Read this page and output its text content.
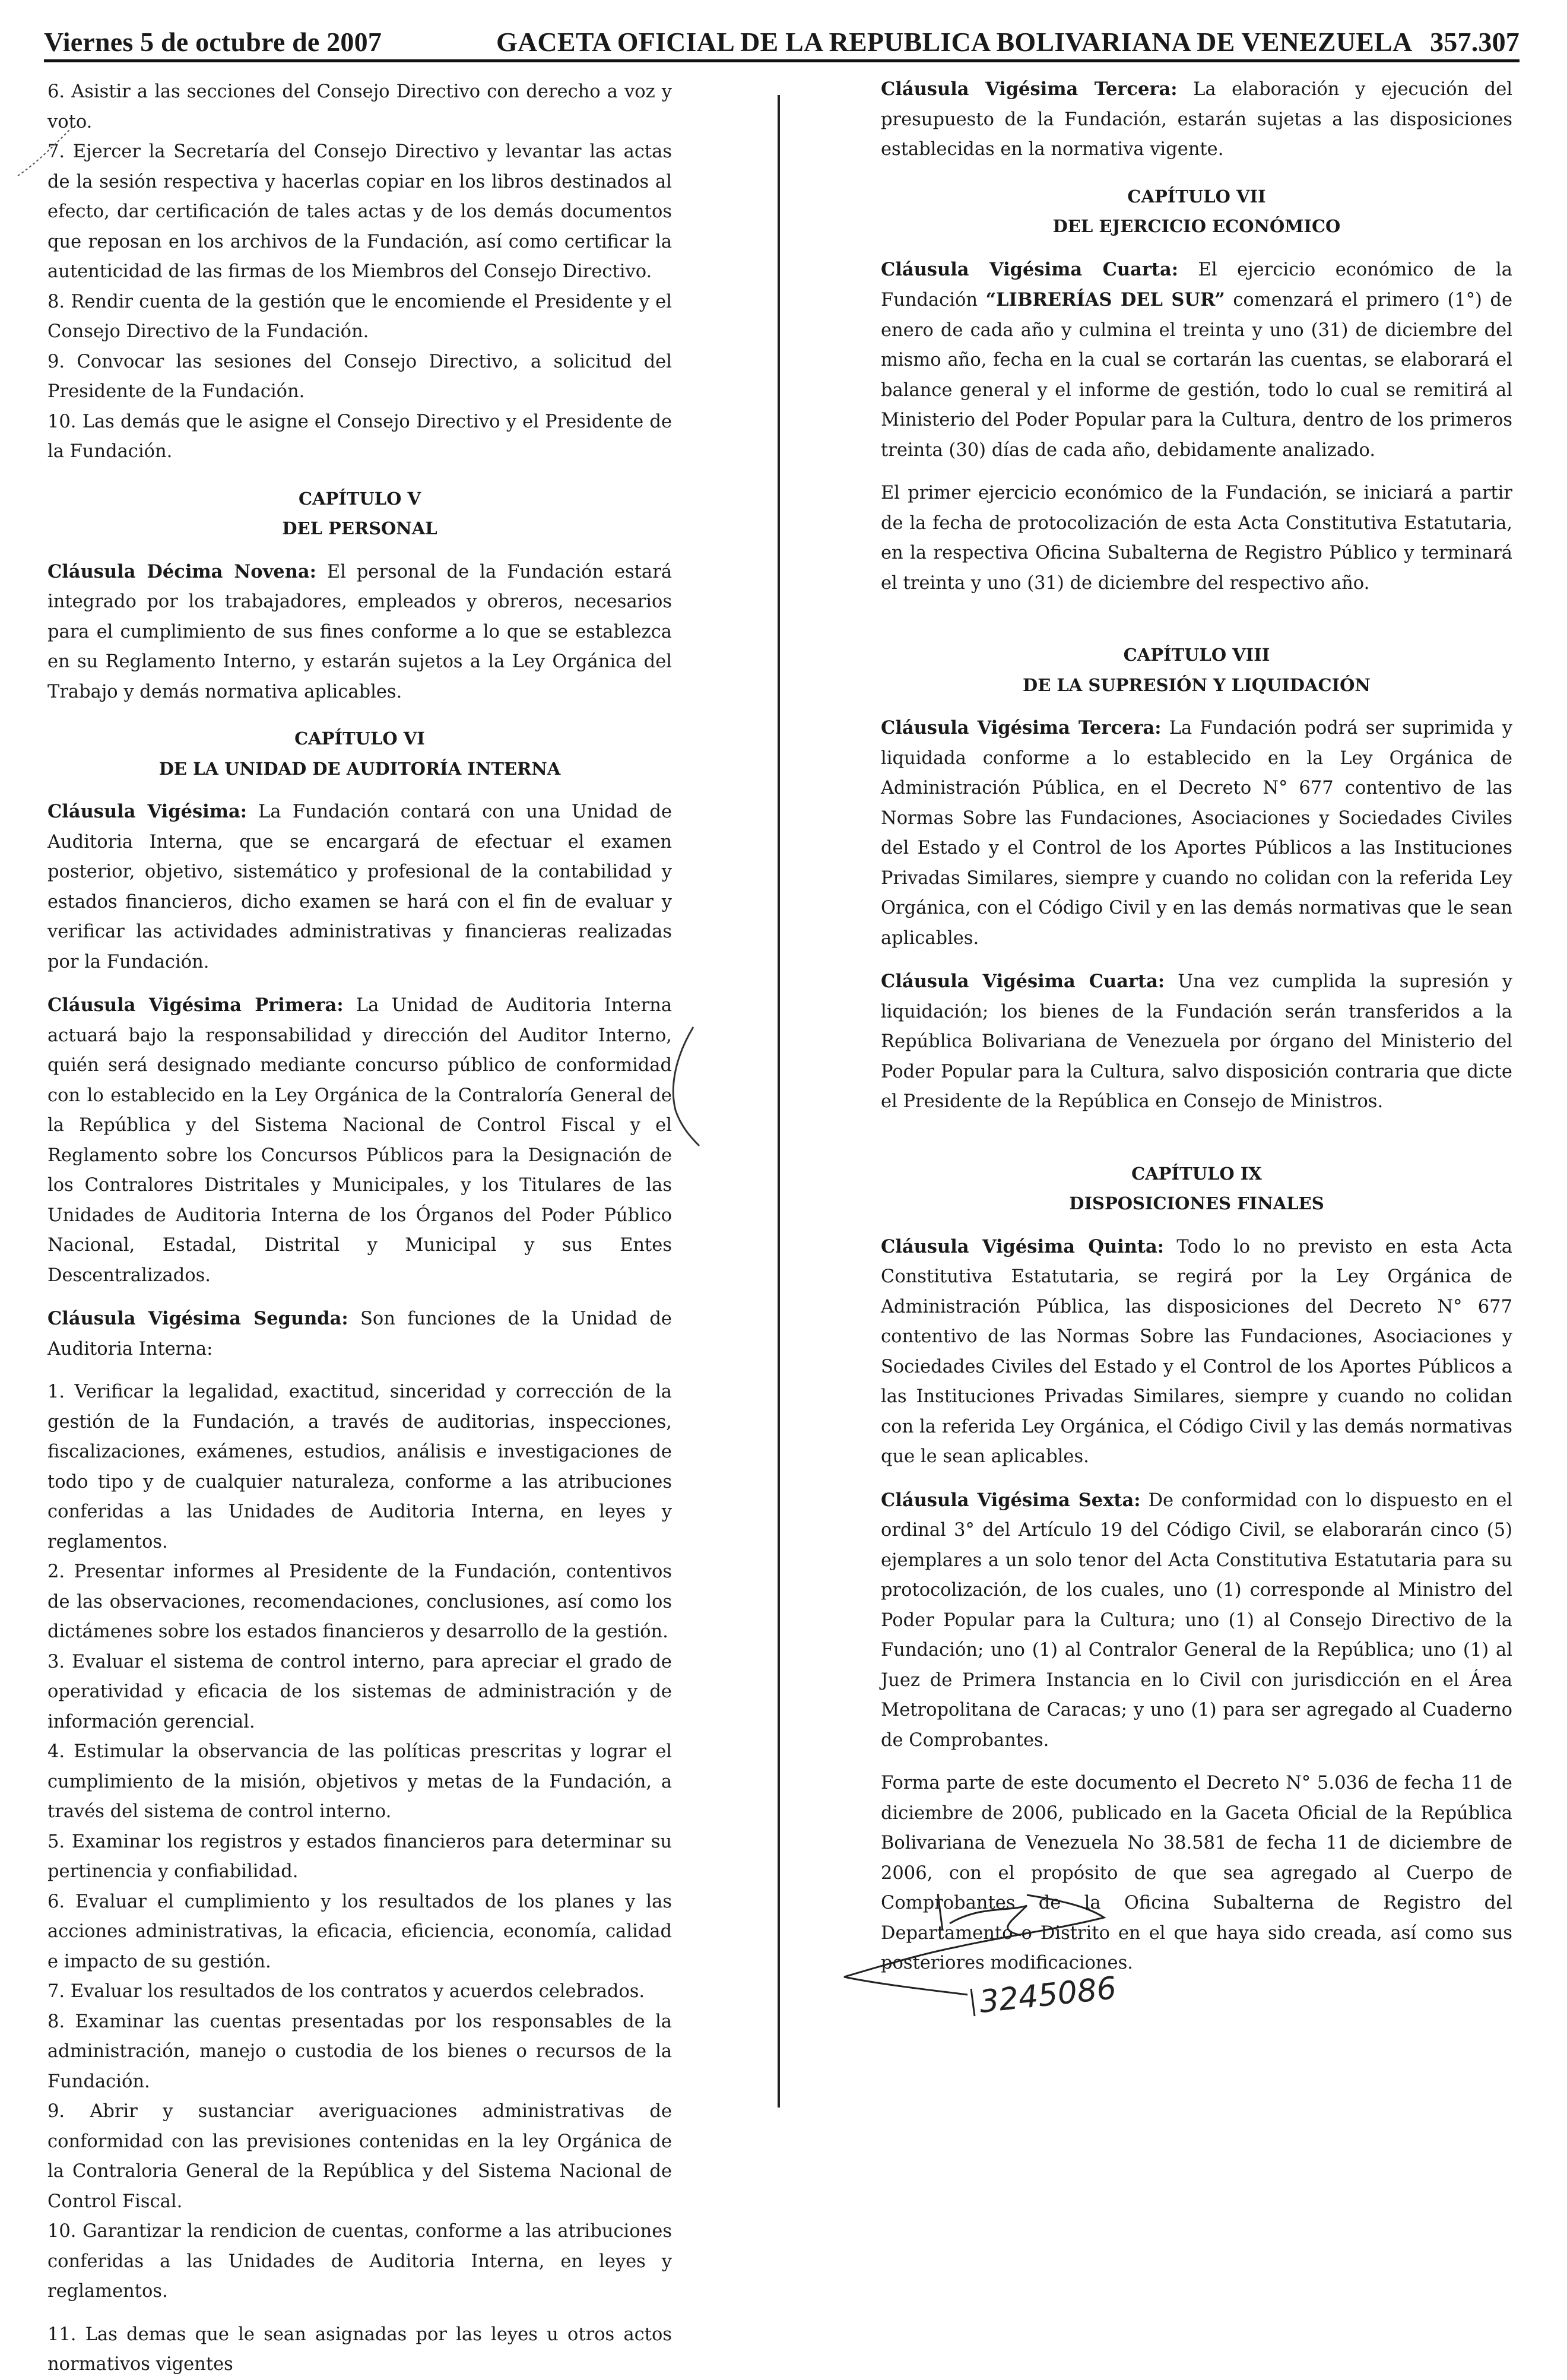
Viernes 5 de octubre de 2007	GACETA OFICIAL DE LA REPUBLICA BOLIVARIANA DE VENEZUELA 357.307

6. Asistir a las secciones del Consejo Directivo con derecho a voz y voto.

7. Ejercer la Secretaría del Consejo Directivo y levantar las actas de la sesión respectiva y hacerlas copiar en los libros destinados al efecto, dar certificación de tales actas y de los demás documentos que reposan en los archivos de la Fundación, así como certificar la autenticidad de las firmas de los Miembros del Consejo Directivo.

8. Rendir cuenta de la gestión que le encomiende el Presidente y el Consejo Directivo de la Fundación.

9. Convocar las sesiones del Consejo Directivo, a solicitud del Presidente de la Fundación.

10. Las demás que le asigne el Consejo Directivo y el Presidente de la Fundación.

CAPÍTULO V

DEL PERSONAL

Cláusula Décima Novena: El personal de la Fundación estará integrado por los trabajadores, empleados y obreros, necesarios para el cumplimiento de sus fines conforme a lo que se establezca en su Reglamento Interno, y estarán sujetos a la Ley Orgánica del Trabajo y demás normativa aplicables.

CAPÍTULO VI

DE LA UNIDAD DE AUDITORÍA INTERNA

Cláusula Vigésima: La Fundación contará con una Unidad de Auditoria Interna, que se encargará de efectuar el examen posterior, objetivo, sistemático y profesional de la contabilidad y estados financieros, dicho examen se hará con el fin de evaluar y verificar las actividades administrativas y financieras realizadas por la Fundación.

Cláusula Vigésima Primera: La Unidad de Auditoria Interna actuará bajo la responsabilidad y dirección del Auditor Interno, quién será designado mediante concurso público de conformidad con lo establecido en la Ley Orgánica de la Contraloría General de la República y del Sistema Nacional de Control Fiscal y el Reglamento sobre los Concursos Públicos para la Designación de los Contralores Distritales y Municipales, y los Titulares de las Unidades de Auditoria Interna de los Órganos del Poder Público Nacional, Estadal, Distrital y Municipal y sus Entes Descentralizados.

Cláusula Vigésima Segunda: Son funciones de la Unidad de Auditoria Interna:

1. Verificar la legalidad, exactitud, sinceridad y corrección de la gestión de la Fundación, a través de auditorias, inspecciones, fiscalizaciones, exámenes, estudios, análisis e investigaciones de todo tipo y de cualquier naturaleza, conforme a las atribuciones conferidas a las Unidades de Auditoria Interna, en leyes y reglamentos.

2. Presentar informes al Presidente de la Fundación, contentivos de las observaciones, recomendaciones, conclusiones, así como los dictámenes sobre los estados financieros y desarrollo de la gestión.

3. Evaluar el sistema de control interno, para apreciar el grado de operatividad y eficacia de los sistemas de administración y de información gerencial.

4. Estimular la observancia de las políticas prescritas y lograr el cumplimiento de la misión, objetivos y metas de la Fundación, a través del sistema de control interno.

5. Examinar los registros y estados financieros para determinar su pertinencia y confiabilidad.

6. Evaluar el cumplimiento y los resultados de los planes y las acciones administrativas, la eficacia, eficiencia, economía, calidad e impacto de su gestión.

7. Evaluar los resultados de los contratos y acuerdos celebrados.

8. Examinar las cuentas presentadas por los responsables de la administración, manejo o custodia de los bienes o recursos de la Fundación.

9. Abrir y sustanciar averiguaciones administrativas de conformidad con las previsiones contenidas en la ley Orgánica de la Contraloria General de la República y del Sistema Nacional de Control Fiscal.

10. Garantizar la rendicion de cuentas, conforme a las atribuciones conferidas a las Unidades de Auditoria Interna, en leyes y reglamentos.

11. Las demas que le sean asignadas por las leyes u otros actos normativos vigentes

Cláusula Vigésima Tercera: La elaboración y ejecución del presupuesto de la Fundación, estarán sujetas a las disposiciones establecidas en la normativa vigente.

CAPÍTULO VII

DEL EJERCICIO ECONÓMICO

Cláusula Vigésima Cuarta: El ejercicio económico de la Fundación “LIBRERÍAS DEL SUR” comenzará el primero (1°) de enero de cada año y culmina el treinta y uno (31) de diciembre del mismo año, fecha en la cual se cortarán las cuentas, se elaborará el balance general y el informe de gestión, todo lo cual se remitirá al Ministerio del Poder Popular para la Cultura, dentro de los primeros treinta (30) días de cada año, debidamente analizado.

El primer ejercicio económico de la Fundación, se iniciará a partir de la fecha de protocolización de esta Acta Constitutiva Estatutaria, en la respectiva Oficina Subalterna de Registro Público y terminará el treinta y uno (31) de diciembre del respectivo año.

CAPÍTULO VIII

DE LA SUPRESIÓN Y LIQUIDACIÓN

Cláusula Vigésima Tercera: La Fundación podrá ser suprimida y liquidada conforme a lo establecido en la Ley Orgánica de Administración Pública, en el Decreto N° 677 contentivo de las Normas Sobre las Fundaciones, Asociaciones y Sociedades Civiles del Estado y el Control de los Aportes Públicos a las Instituciones Privadas Similares, siempre y cuando no colidan con la referida Ley Orgánica, con el Código Civil y en las demás normativas que le sean aplicables.

Cláusula Vigésima Cuarta: Una vez cumplida la supresión y liquidación; los bienes de la Fundación serán transferidos a la República Bolivariana de Venezuela por órgano del Ministerio del Poder Popular para la Cultura, salvo disposición contraria que dicte el Presidente de la República en Consejo de Ministros.

CAPÍTULO IX

DISPOSICIONES FINALES

Cláusula Vigésima Quinta: Todo lo no previsto en esta Acta Constitutiva Estatutaria, se regirá por la Ley Orgánica de Administración Pública, las disposiciones del Decreto N° 677 contentivo de las Normas Sobre las Fundaciones, Asociaciones y Sociedades Civiles del Estado y el Control de los Aportes Públicos a las Instituciones Privadas Similares, siempre y cuando no colidan con la referida Ley Orgánica, el Código Civil y las demás normativas que le sean aplicables.

Cláusula Vigésima Sexta: De conformidad con lo dispuesto en el ordinal 3° del Artículo 19 del Código Civil, se elaborarán cinco (5) ejemplares a un solo tenor del Acta Constitutiva Estatutaria para su protocolización, de los cuales, uno (1) corresponde al Ministro del Poder Popular para la Cultura; uno (1) al Consejo Directivo de la Fundación; uno (1) al Contralor General de la República; uno (1) al Juez de Primera Instancia en lo Civil con jurisdicción en el Área Metropolitana de Caracas; y uno (1) para ser agregado al Cuaderno de Comprobantes.

Forma parte de este documento el Decreto N° 5.036 de fecha 11 de diciembre de 2006, publicado en la Gaceta Oficial de la República Bolivariana de Venezuela No 38.581 de fecha 11 de diciembre de 2006, con el propósito de que sea agregado al Cuerpo de Comprobantes de la Oficina Subalterna de Registro del Departamento o Distrito en el que haya sido creada, así como sus posteriores modificaciones.

3245086
